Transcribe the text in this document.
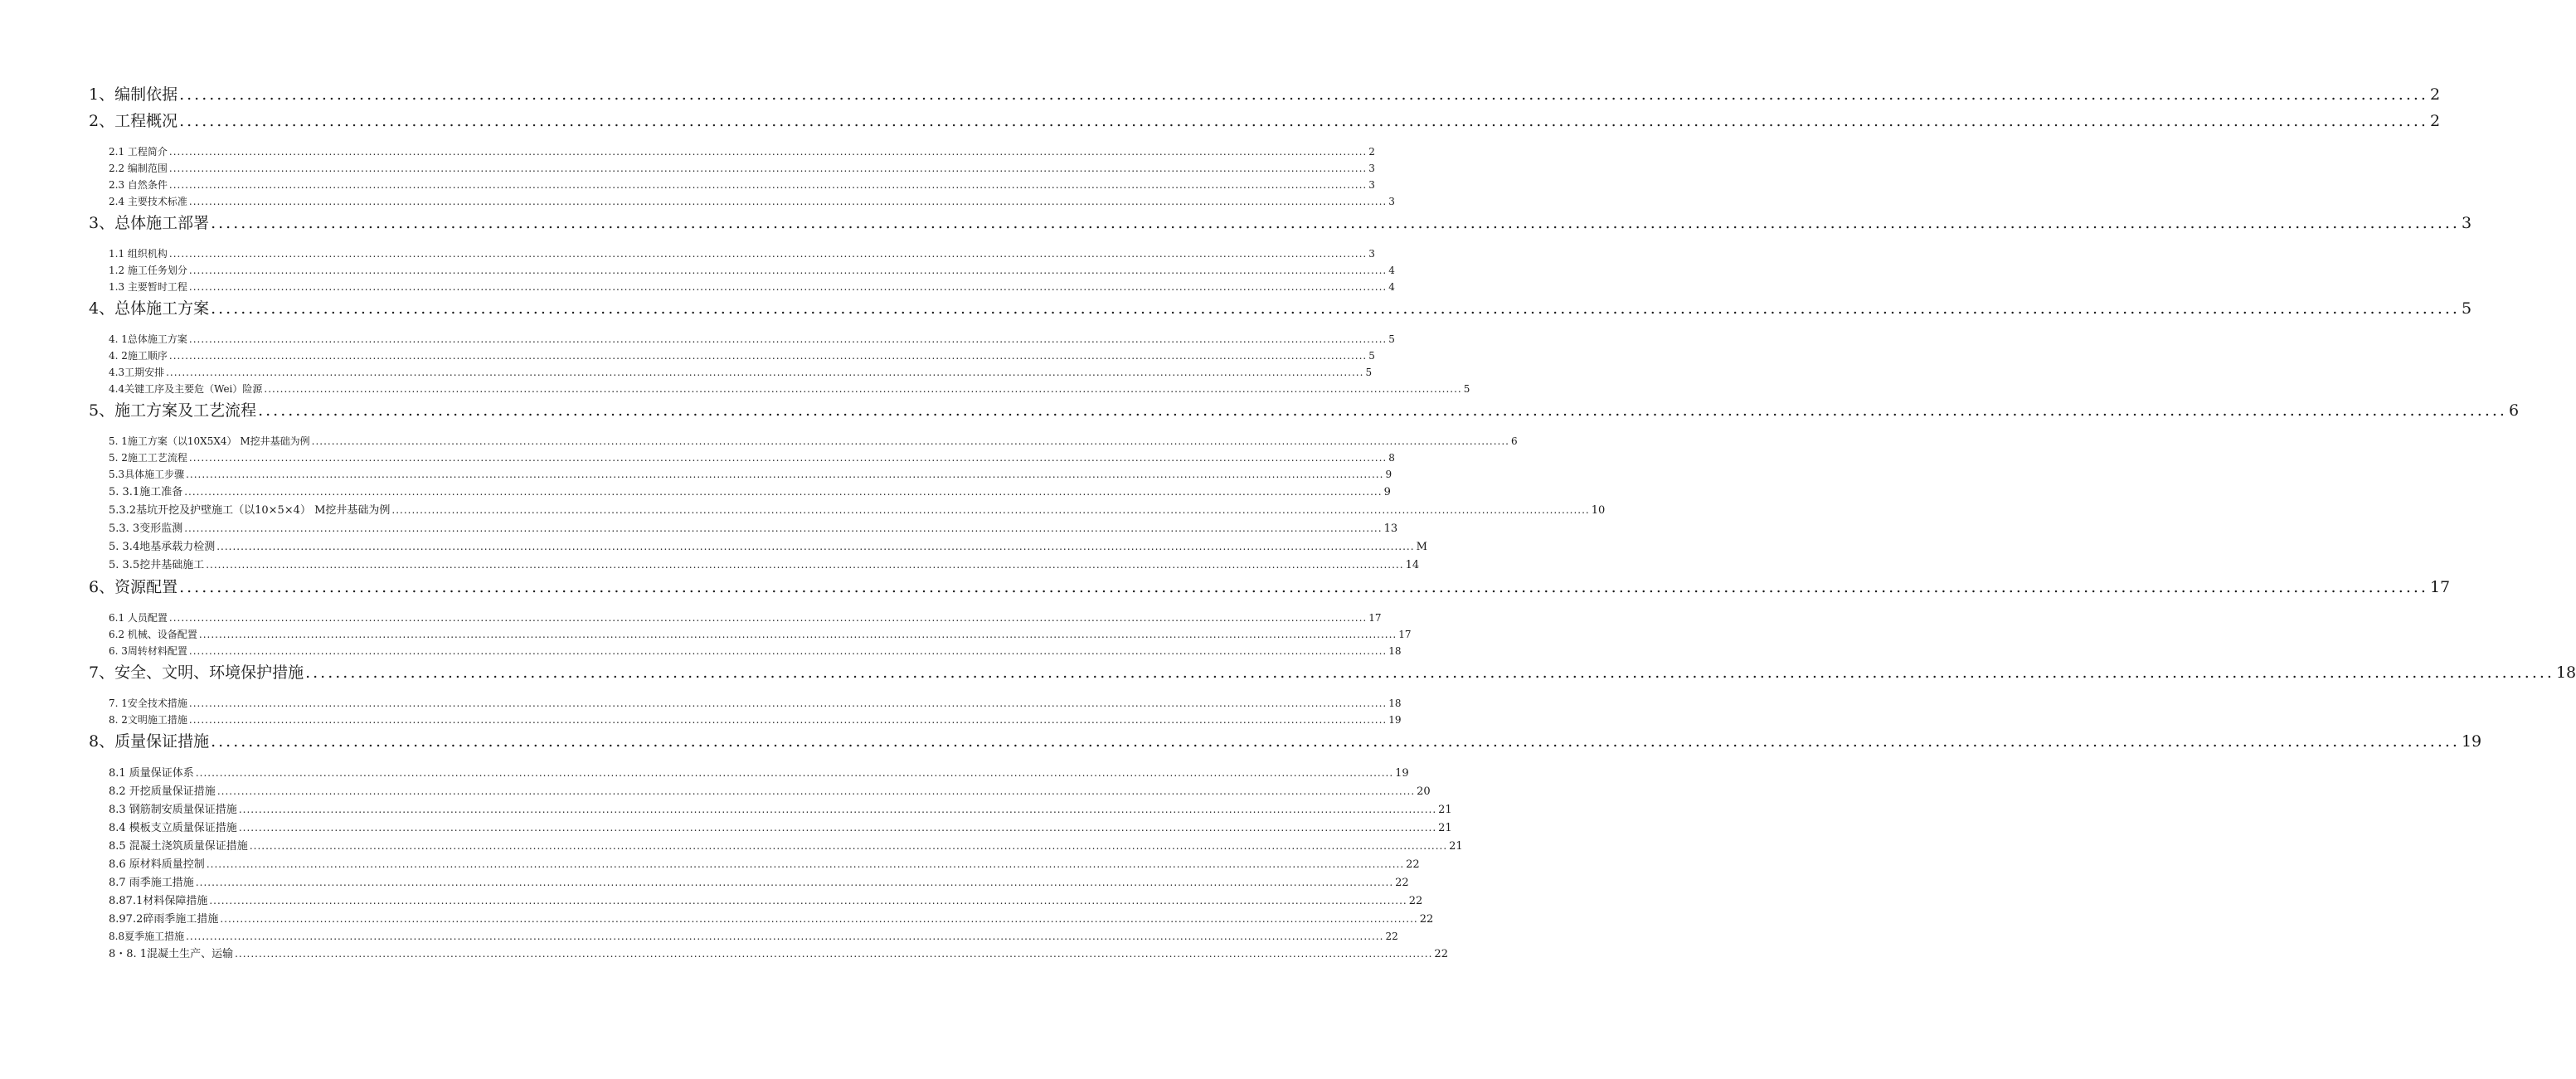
1、编制依据 ............................................................................................................................................................................................................................................................................................................ 2
2、工程概况 ............................................................................................................................................................................................................................................................................................................ 2
2.1 工程简介 ............................................................................................................................................................................................................................................................................................................ 2
2.2 编制范围 ............................................................................................................................................................................................................................................................................................................ 3
2.3 自然条件 ............................................................................................................................................................................................................................................................................................................ 3
2.4 主要技术标准 ............................................................................................................................................................................................................................................................................................................ 3
3、总体施工部署 ............................................................................................................................................................................................................................................................................................................ 3
1.1 组织机构 ............................................................................................................................................................................................................................................................................................................ 3
1.2 施工任务划分 ............................................................................................................................................................................................................................................................................................................ 4
1.3 主要暂时工程 ............................................................................................................................................................................................................................................................................................................ 4
4、总体施工方案 ............................................................................................................................................................................................................................................................................................................ 5
4. 1总体施工方案 ............................................................................................................................................................................................................................................................................................................ 5
4. 2施工顺序 ............................................................................................................................................................................................................................................................................................................ 5
4.3工期安排 ............................................................................................................................................................................................................................................................................................................ 5
4.4关键工序及主要危（Wei）险源 ............................................................................................................................................................................................................................................................................................................ 5
5、施工方案及工艺流程 ............................................................................................................................................................................................................................................................................................................ 6
5. 1施工方案（以10X5X4） M挖井基础为例 ............................................................................................................................................................................................................................................................................................................ 6
5. 2施工工艺流程 ............................................................................................................................................................................................................................................................................................................ 8
5.3具体施工步骤 ............................................................................................................................................................................................................................................................................................................ 9
5. 3.1施工准备 ............................................................................................................................................................................................................................................................................................................ 9
5.3.2基坑开挖及护壁施工（以10×5×4） M挖井基础为例 ............................................................................................................................................................................................................................................................................................................ 10
5.3. 3变形监测 ............................................................................................................................................................................................................................................................................................................ 13
5. 3.4地基承载力检测 ............................................................................................................................................................................................................................................................................................................ M
5. 3.5挖井基础施工 ............................................................................................................................................................................................................................................................................................................ 14
6、资源配置 ............................................................................................................................................................................................................................................................................................................ 17
6.1 人员配置 ............................................................................................................................................................................................................................................................................................................ 17
6.2 机械、设备配置 ............................................................................................................................................................................................................................................................................................................ 17
6. 3周转材料配置 ............................................................................................................................................................................................................................................................................................................ 18
7、安全、文明、环境保护措施 ............................................................................................................................................................................................................................................................................................................ 18
7. 1安全技术措施 ............................................................................................................................................................................................................................................................................................................ 18
8. 2文明施工措施 ............................................................................................................................................................................................................................................................................................................ 19
8、质量保证措施 ............................................................................................................................................................................................................................................................................................................ 19
8.1 质量保证体系 ............................................................................................................................................................................................................................................................................................................ 19
8.2 开挖质量保证措施 ............................................................................................................................................................................................................................................................................................................ 20
8.3 钢筋制安质量保证措施 ............................................................................................................................................................................................................................................................................................................ 21
8.4 模板支立质量保证措施 ............................................................................................................................................................................................................................................................................................................ 21
8.5 混凝土浇筑质量保证措施 ............................................................................................................................................................................................................................................................................................................ 21
8.6 原材料质量控制 ............................................................................................................................................................................................................................................................................................................ 22
8.7 雨季施工措施 ............................................................................................................................................................................................................................................................................................................ 22
8.87.1材料保障措施 ............................................................................................................................................................................................................................................................................................................ 22
8.97.2碎雨季施工措施 ............................................................................................................................................................................................................................................................................................................ 22
8.8夏季施工措施 ............................................................................................................................................................................................................................................................................................................ 22
8・8. 1混凝土生产、运输 ............................................................................................................................................................................................................................................................................................................ 22
